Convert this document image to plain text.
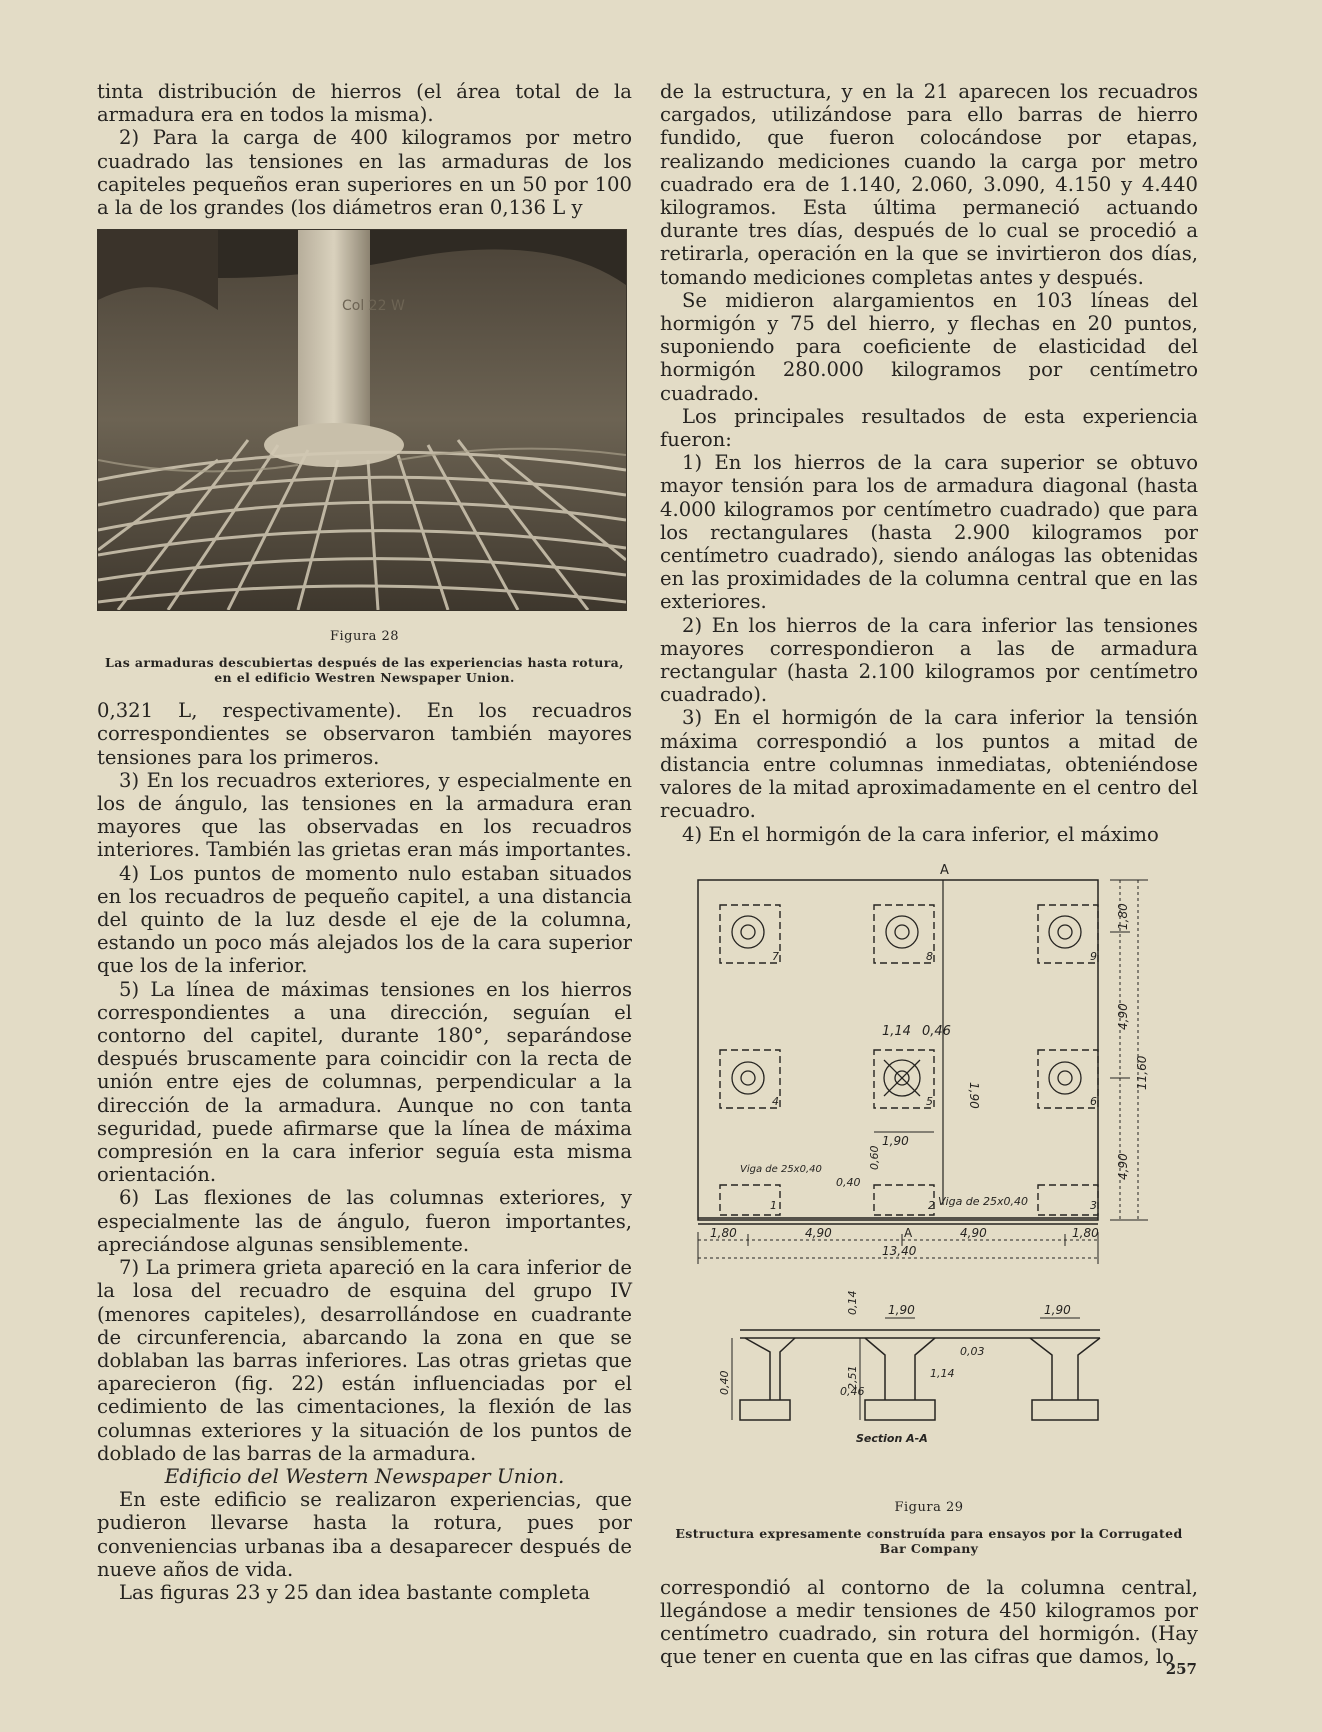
tinta distribución de hierros (el área total de la armadura era en todos la misma).

2) Para la carga de 400 kilogramos por metro cuadrado las tensiones en las armaduras de los capiteles pequeños eran superiores en un 50 por 100 a la de los grandes (los diámetros eran 0,136 L y

Col 22 W
Figura 28
Las armaduras descubiertas después de las experiencias hasta rotura, en el edificio Westren Newspaper Union.

0,321 L, respectivamente). En los recuadros correspondientes se observaron también mayores tensiones para los primeros.

3) En los recuadros exteriores, y especialmente en los de ángulo, las tensiones en la armadura eran mayores que las observadas en los recuadros interiores. También las grietas eran más importantes.

4) Los puntos de momento nulo estaban situados en los recuadros de pequeño capitel, a una distancia del quinto de la luz desde el eje de la columna, estando un poco más alejados los de la cara superior que los de la inferior.

5) La línea de máximas tensiones en los hierros correspondientes a una dirección, seguían el contorno del capitel, durante 180°, separándose después bruscamente para coincidir con la recta de unión entre ejes de columnas, perpendicular a la dirección de la armadura. Aunque no con tanta seguridad, puede afirmarse que la línea de máxima compresión en la cara inferior seguía esta misma orientación.

6) Las flexiones de las columnas exteriores, y especialmente las de ángulo, fueron importantes, apreciándose algunas sensiblemente.

7) La primera grieta apareció en la cara inferior de la losa del recuadro de esquina del grupo IV (menores capiteles), desarrollándose en cuadrante de circunferencia, abarcando la zona en que se doblaban las barras inferiores. Las otras grietas que aparecieron (fig. 22) están influenciadas por el cedimiento de las cimentaciones, la flexión de las columnas exteriores y la situación de los puntos de doblado de las barras de la armadura.

Edificio del Western Newspaper Union.

En este edificio se realizaron experiencias, que pudieron llevarse hasta la rotura, pues por conveniencias urbanas iba a desaparecer después de nueve años de vida.

Las figuras 23 y 25 dan idea bastante completa

de la estructura, y en la 21 aparecen los recuadros cargados, utilizándose para ello barras de hierro fundido, que fueron colocándose por etapas, realizando mediciones cuando la carga por metro cuadrado era de 1.140, 2.060, 3.090, 4.150 y 4.440 kilogramos. Esta última permaneció actuando durante tres días, después de lo cual se procedió a retirarla, operación en la que se invirtieron dos días, tomando mediciones completas antes y después.

Se midieron alargamientos en 103 líneas del hormigón y 75 del hierro, y flechas en 20 puntos, suponiendo para coeficiente de elasticidad del hormigón 280.000 kilogramos por centímetro cuadrado.

Los principales resultados de esta experiencia fueron:

1) En los hierros de la cara superior se obtuvo mayor tensión para los de armadura diagonal (hasta 4.000 kilogramos por centímetro cuadrado) que para los rectangulares (hasta 2.900 kilogramos por centímetro cuadrado), siendo análogas las obtenidas en las proximidades de la columna central que en las exteriores.

2) En los hierros de la cara inferior las tensiones mayores correspondieron a las de armadura rectangular (hasta 2.100 kilogramos por centímetro cuadrado).

3) En el hormigón de la cara inferior la tensión máxima correspondió a los puntos a mitad de distancia entre columnas inmediatas, obteniéndose valores de la mitad aproximadamente en el centro del recuadro.

4) En el hormigón de la cara inferior, el máximo

A
7	8	9
4	5	6
1	2	3
1,14 0,46
1,90
1,90
Viga de 25x0,40
0,40
0,60
Viga de 25x0,40
1,80
4,90
11,60
4,90
1,80	4,90	A	4,90	1,80
13,40
0,14 1,90	1,90
0,03
0,40	2,51
0,46
1,14
Section A-A
Figura 29
Estructura expresamente construída para ensayos por la Corrugated Bar Company

correspondió al contorno de la columna central, llegándose a medir tensiones de 450 kilogramos por centímetro cuadrado, sin rotura del hormigón. (Hay que tener en cuenta que en las cifras que damos, lo

257
